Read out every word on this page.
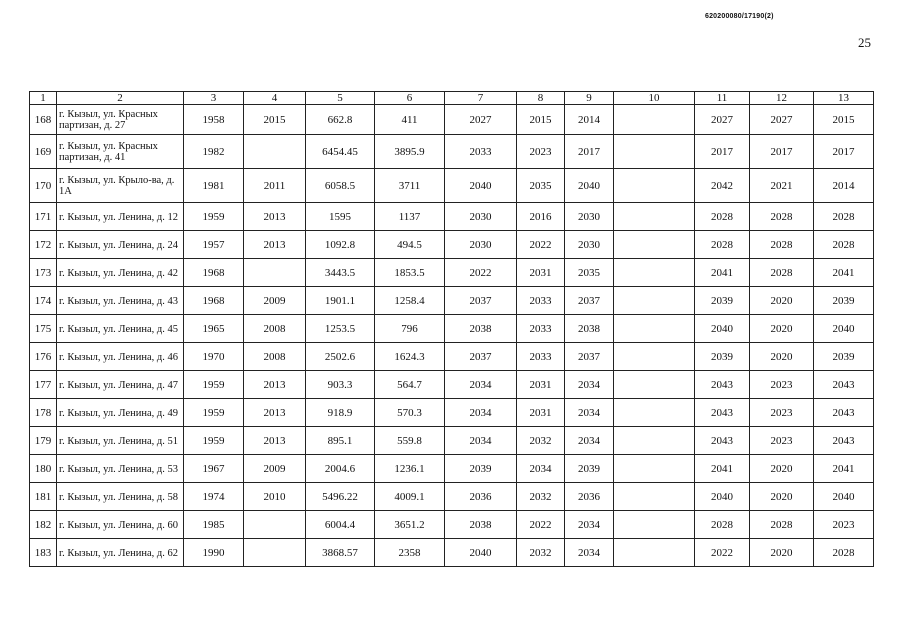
620200080/17190(2)
25
1	2	3	4	5	6	7	8	9	10	11	12	13
168	г. Кызыл, ул. Красных партизан, д. 27	1958	2015	662.8	411	2027	2015	2014		2027	2027	2015
169	г. Кызыл, ул. Красных партизан, д. 41	1982		6454.45	3895.9	2033	2023	2017		2017	2017	2017
170	г. Кызыл, ул. Крыло-ва, д. 1А	1981	2011	6058.5	3711	2040	2035	2040		2042	2021	2014
171	г. Кызыл, ул. Ленина, д. 12	1959	2013	1595	1137	2030	2016	2030		2028	2028	2028
172	г. Кызыл, ул. Ленина, д. 24	1957	2013	1092.8	494.5	2030	2022	2030		2028	2028	2028
173	г. Кызыл, ул. Ленина, д. 42	1968		3443.5	1853.5	2022	2031	2035		2041	2028	2041
174	г. Кызыл, ул. Ленина, д. 43	1968	2009	1901.1	1258.4	2037	2033	2037		2039	2020	2039
175	г. Кызыл, ул. Ленина, д. 45	1965	2008	1253.5	796	2038	2033	2038		2040	2020	2040
176	г. Кызыл, ул. Ленина, д. 46	1970	2008	2502.6	1624.3	2037	2033	2037		2039	2020	2039
177	г. Кызыл, ул. Ленина, д. 47	1959	2013	903.3	564.7	2034	2031	2034		2043	2023	2043
178	г. Кызыл, ул. Ленина, д. 49	1959	2013	918.9	570.3	2034	2031	2034		2043	2023	2043
179	г. Кызыл, ул. Ленина, д. 51	1959	2013	895.1	559.8	2034	2032	2034		2043	2023	2043
180	г. Кызыл, ул. Ленина, д. 53	1967	2009	2004.6	1236.1	2039	2034	2039		2041	2020	2041
181	г. Кызыл, ул. Ленина, д. 58	1974	2010	5496.22	4009.1	2036	2032	2036		2040	2020	2040
182	г. Кызыл, ул. Ленина, д. 60	1985		6004.4	3651.2	2038	2022	2034		2028	2028	2023
183	г. Кызыл, ул. Ленина, д. 62	1990		3868.57	2358	2040	2032	2034		2022	2020	2028
